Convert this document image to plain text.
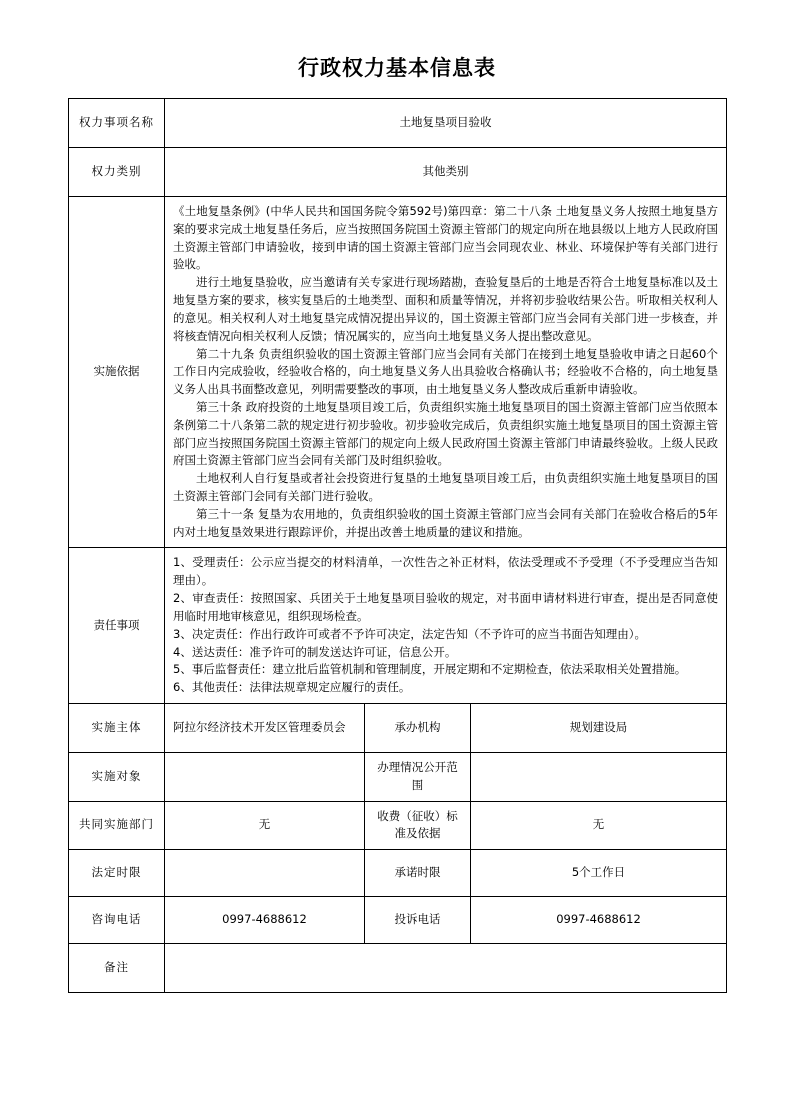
行政权力基本信息表
权力事项名称	土地复垦项目验收		
权力类别	其他类别		
实施依据	

《土地复垦条例》(中华人民共和国国务院令第592号)第四章：第二十八条 土地复垦义务人按照土地复垦方案的要求完成土地复垦任务后，应当按照国务院国土资源主管部门的规定向所在地县级以上地方人民政府国土资源主管部门申请验收，接到申请的国土资源主管部门应当会同现农业、林业、环境保护等有关部门进行验收。

进行土地复垦验收，应当邀请有关专家进行现场踏勘，查验复垦后的土地是否符合土地复垦标准以及土地复垦方案的要求，核实复垦后的土地类型、面积和质量等情况，并将初步验收结果公告。听取相关权利人的意见。相关权利人对土地复垦完成情况提出异议的，国土资源主管部门应当会同有关部门进一步核查，并将核查情况向相关权利人反馈；情况属实的，应当向土地复垦义务人提出整改意见。

第二十九条 负责组织验收的国土资源主管部门应当会同有关部门在接到土地复垦验收申请之日起60个工作日内完成验收，经验收合格的，向土地复垦义务人出具验收合格确认书；经验收不合格的，向土地复垦义务人出具书面整改意见，列明需要整改的事项，由土地复垦义务人整改成后重新申请验收。

第三十条 政府投资的土地复垦项目竣工后，负责组织实施土地复垦项目的国土资源主管部门应当依照本条例第二十八条第二款的规定进行初步验收。初步验收完成后，负责组织实施土地复垦项目的国土资源主管部门应当按照国务院国土资源主管部门的规定向上级人民政府国土资源主管部门申请最终验收。上级人民政府国土资源主管部门应当会同有关部门及时组织验收。

土地权利人自行复垦或者社会投资进行复垦的土地复垦项目竣工后，由负责组织实施土地复垦项目的国土资源主管部门会同有关部门进行验收。

第三十一条 复垦为农用地的，负责组织验收的国土资源主管部门应当会同有关部门在验收合格后的5年内对土地复垦效果进行跟踪评价，并提出改善土地质量的建议和措施。

责任事项	

1、受理责任：公示应当提交的材料清单，一次性告之补正材料，依法受理或不予受理（不予受理应当告知理由）。

2、审查责任：按照国家、兵团关于土地复垦项目验收的规定，对书面申请材料进行审查，提出是否同意使用临时用地审核意见，组织现场检查。

3、决定责任：作出行政许可或者不予许可决定，法定告知（不予许可的应当书面告知理由）。

4、送达责任：准予许可的制发送达许可证，信息公开。

5、事后监督责任：建立批后监管机制和管理制度，开展定期和不定期检查，依法采取相关处置措施。

6、其他责任：法律法规章规定应履行的责任。

实施主体	阿拉尔经济技术开发区管理委员会	承办机构	规划建设局
实施对象		办理情况公开范围	
共同实施部门	无	收费（征收）标准及依据	无
法定时限		承诺时限	5个工作日
咨询电话	0997-4688612	投诉电话	0997-4688612
备注			
